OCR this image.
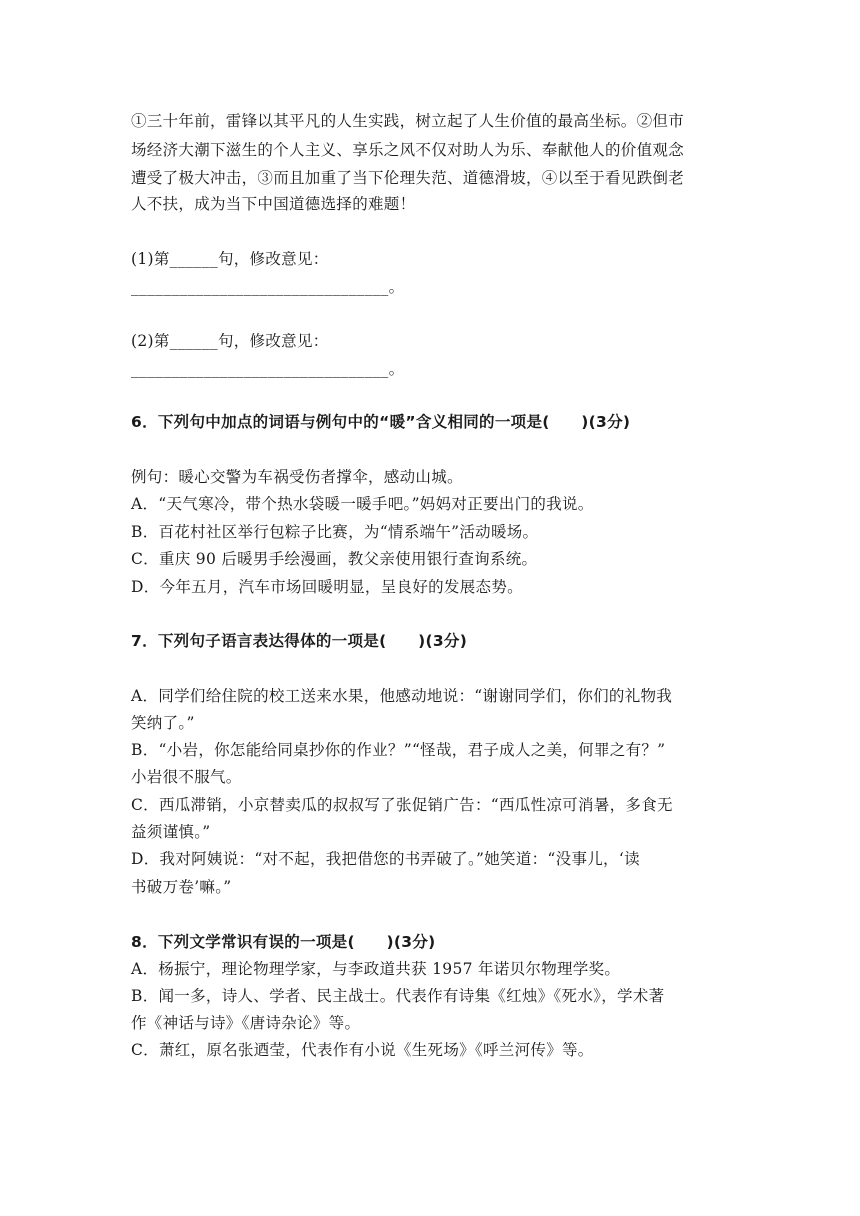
①三十年前，雷锋以其平凡的人生实践，树立起了人生价值的最高坐标。②但市
场经济大潮下滋生的个人主义、享乐之风不仅对助人为乐、奉献他人的价值观念
遭受了极大冲击，③而且加重了当下伦理失范、道德滑坡，④以至于看见跌倒老
人不扶，成为当下中国道德选择的难题！
(1)第______句，修改意见：
________________________________。
(2)第______句，修改意见：
________________________________。
6．下列句中加点的词语与例句中的“暖”含义相同的一项是(　　)(3分)
例句：暖心交警为车祸受伤者撑伞，感动山城。
A．“天气寒冷，带个热水袋暖一暖手吧。”妈妈对正要出门的我说。
B．百花村社区举行包粽子比赛，为“情系端午”活动暖场。
C．重庆 90 后暖男手绘漫画，教父亲使用银行查询系统。
D．今年五月，汽车市场回暖明显，呈良好的发展态势。
7．下列句子语言表达得体的一项是(　　)(3分)
A．同学们给住院的校工送来水果，他感动地说：“谢谢同学们，你们的礼物我
笑纳了。”
B．“小岩，你怎能给同桌抄你的作业？”“怪哉，君子成人之美，何罪之有？”
小岩很不服气。
C．西瓜滞销，小京替卖瓜的叔叔写了张促销广告：“西瓜性凉可消暑，多食无
益须谨慎。”
D．我对阿姨说：“对不起，我把借您的书弄破了。”她笑道：“没事儿，‘读
书破万卷’嘛。”
8．下列文学常识有误的一项是(　　)(3分)
A．杨振宁，理论物理学家，与李政道共获 1957 年诺贝尔物理学奖。
B．闻一多，诗人、学者、民主战士。代表作有诗集《红烛》《死水》，学术著
作《神话与诗》《唐诗杂论》等。
C．萧红，原名张迺莹，代表作有小说《生死场》《呼兰河传》等。
